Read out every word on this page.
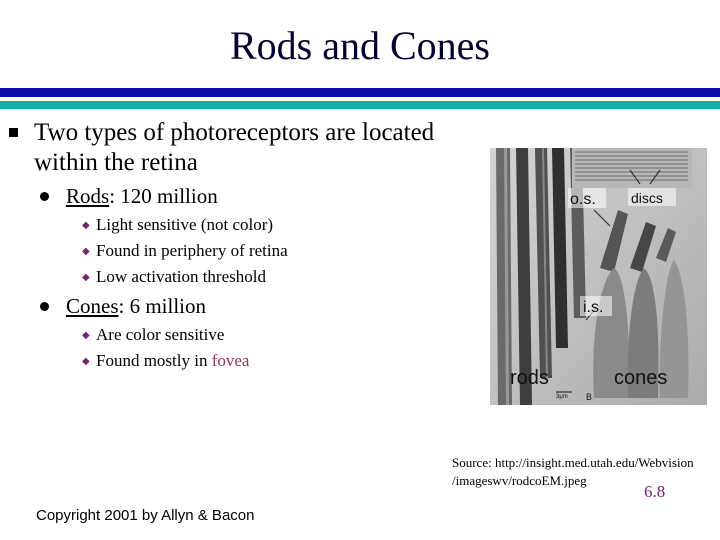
Rods and Cones
Two types of photoreceptors are located within the retina
Rods: 120 million
◆ Light sensitive (not color)
◆ Found in periphery of retina
◆ Low activation threshold
Cones: 6 million
◆ Are color sensitive
◆ Found mostly in fovea
o.s.	discs
i.s.
rods	cones
3μm B
Source: http://insight.med.utah.edu/Webvision /imageswv/rodcoEM.jpeg
6.8
Copyright 2001 by Allyn & Bacon
